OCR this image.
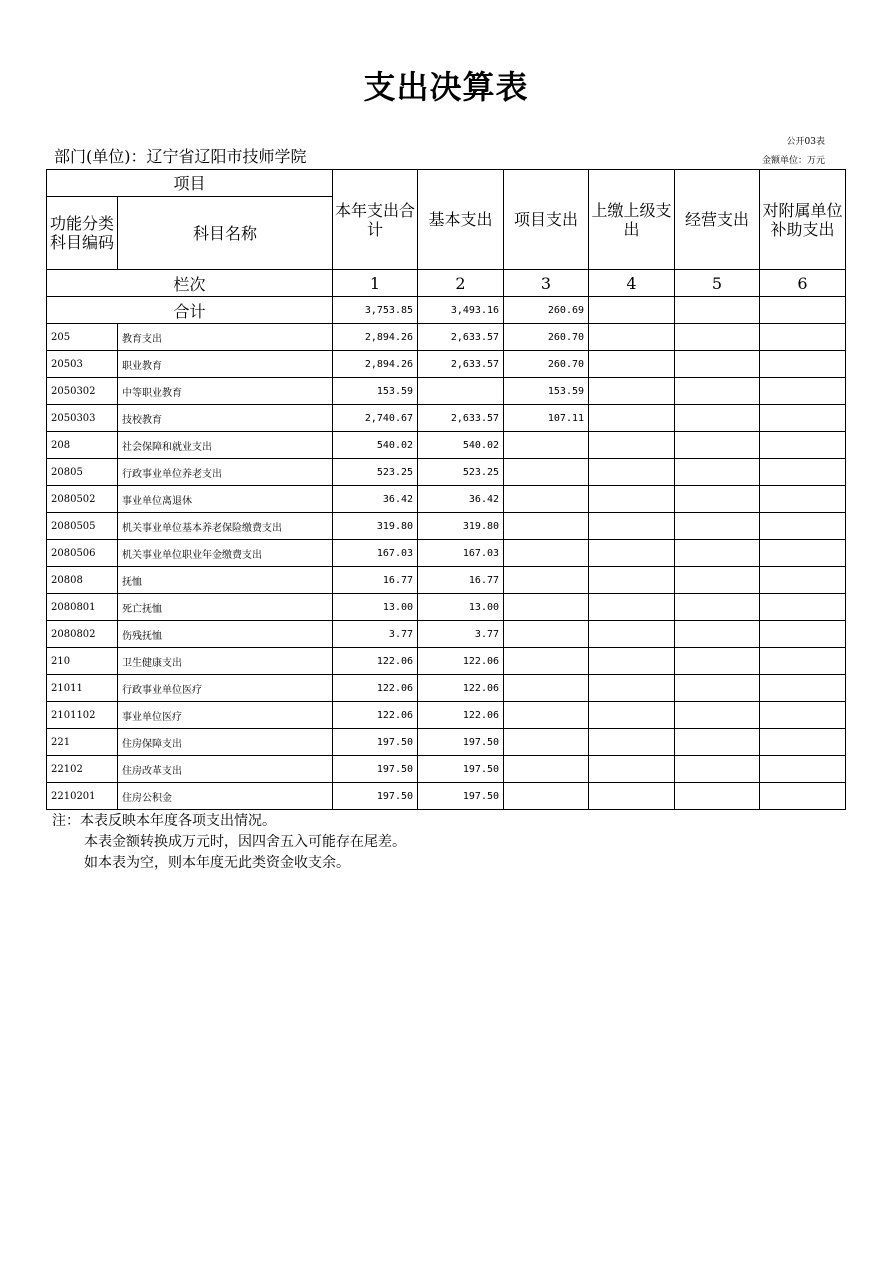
支出决算表
公开03表
部门(单位)：辽宁省辽阳市技师学院	金额单位：万元
项目		本年支出合计	基本支出	项目支出	上缴上级支出	经营支出	对附属单位补助支出
功能分类科目编码	科目名称						
栏次		1	2	3	4	5	6
合计		3,753.85	3,493.16	260.69			
205	教育支出	2,894.26	2,633.57	260.70			
20503	职业教育	2,894.26	2,633.57	260.70			
2050302	中等职业教育	153.59		153.59			
2050303	技校教育	2,740.67	2,633.57	107.11			
208	社会保障和就业支出	540.02	540.02				
20805	行政事业单位养老支出	523.25	523.25				
2080502	事业单位离退休	36.42	36.42				
2080505	机关事业单位基本养老保险缴费支出	319.80	319.80				
2080506	机关事业单位职业年金缴费支出	167.03	167.03				
20808	抚恤	16.77	16.77				
2080801	死亡抚恤	13.00	13.00				
2080802	伤残抚恤	3.77	3.77				
210	卫生健康支出	122.06	122.06				
21011	行政事业单位医疗	122.06	122.06				
2101102	事业单位医疗	122.06	122.06				
221	住房保障支出	197.50	197.50				
22102	住房改革支出	197.50	197.50				
2210201	住房公积金	197.50	197.50				
注：本表反映本年度各项支出情况。
本表金额转换成万元时，因四舍五入可能存在尾差。
如本表为空，则本年度无此类资金收支余。
